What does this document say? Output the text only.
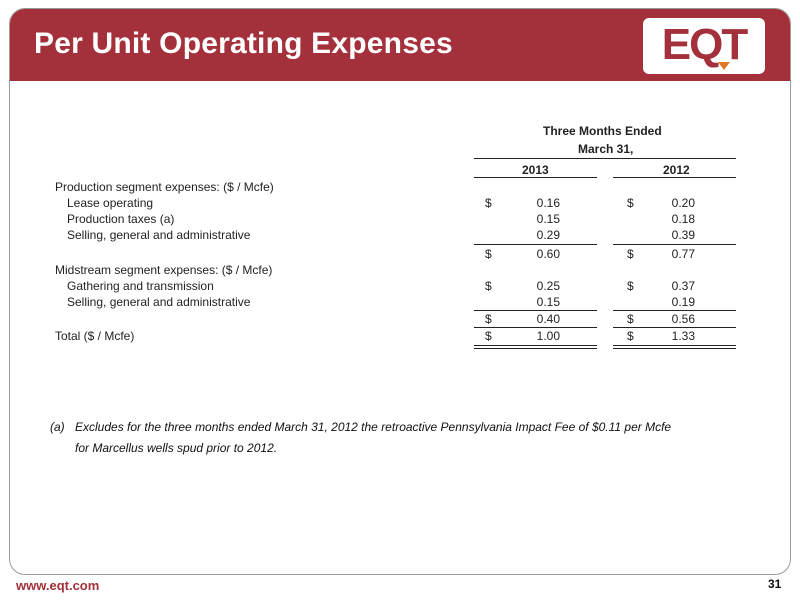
Per Unit Operating Expenses	EQT
Three Months Ended
March 31,
2013	2012
Production segment expenses: ($ / Mcfe)
Lease operating	$	0.16	$	0.20
Production taxes (a)	0.15	0.18
Selling, general and administrative	0.29	0.39
$	0.60	$	0.77
Midstream segment expenses: ($ / Mcfe)
Gathering and transmission	$	0.25	$	0.37
Selling, general and administrative	0.15	0.19
$	0.40	$	0.56
Total ($ / Mcfe)	$	1.00	$	1.33
(a) Excludes for the three months ended March 31, 2012 the retroactive Pennsylvania Impact Fee of $0.11 per Mcfe
for Marcellus wells spud prior to 2012.
www.eqt.com	31
